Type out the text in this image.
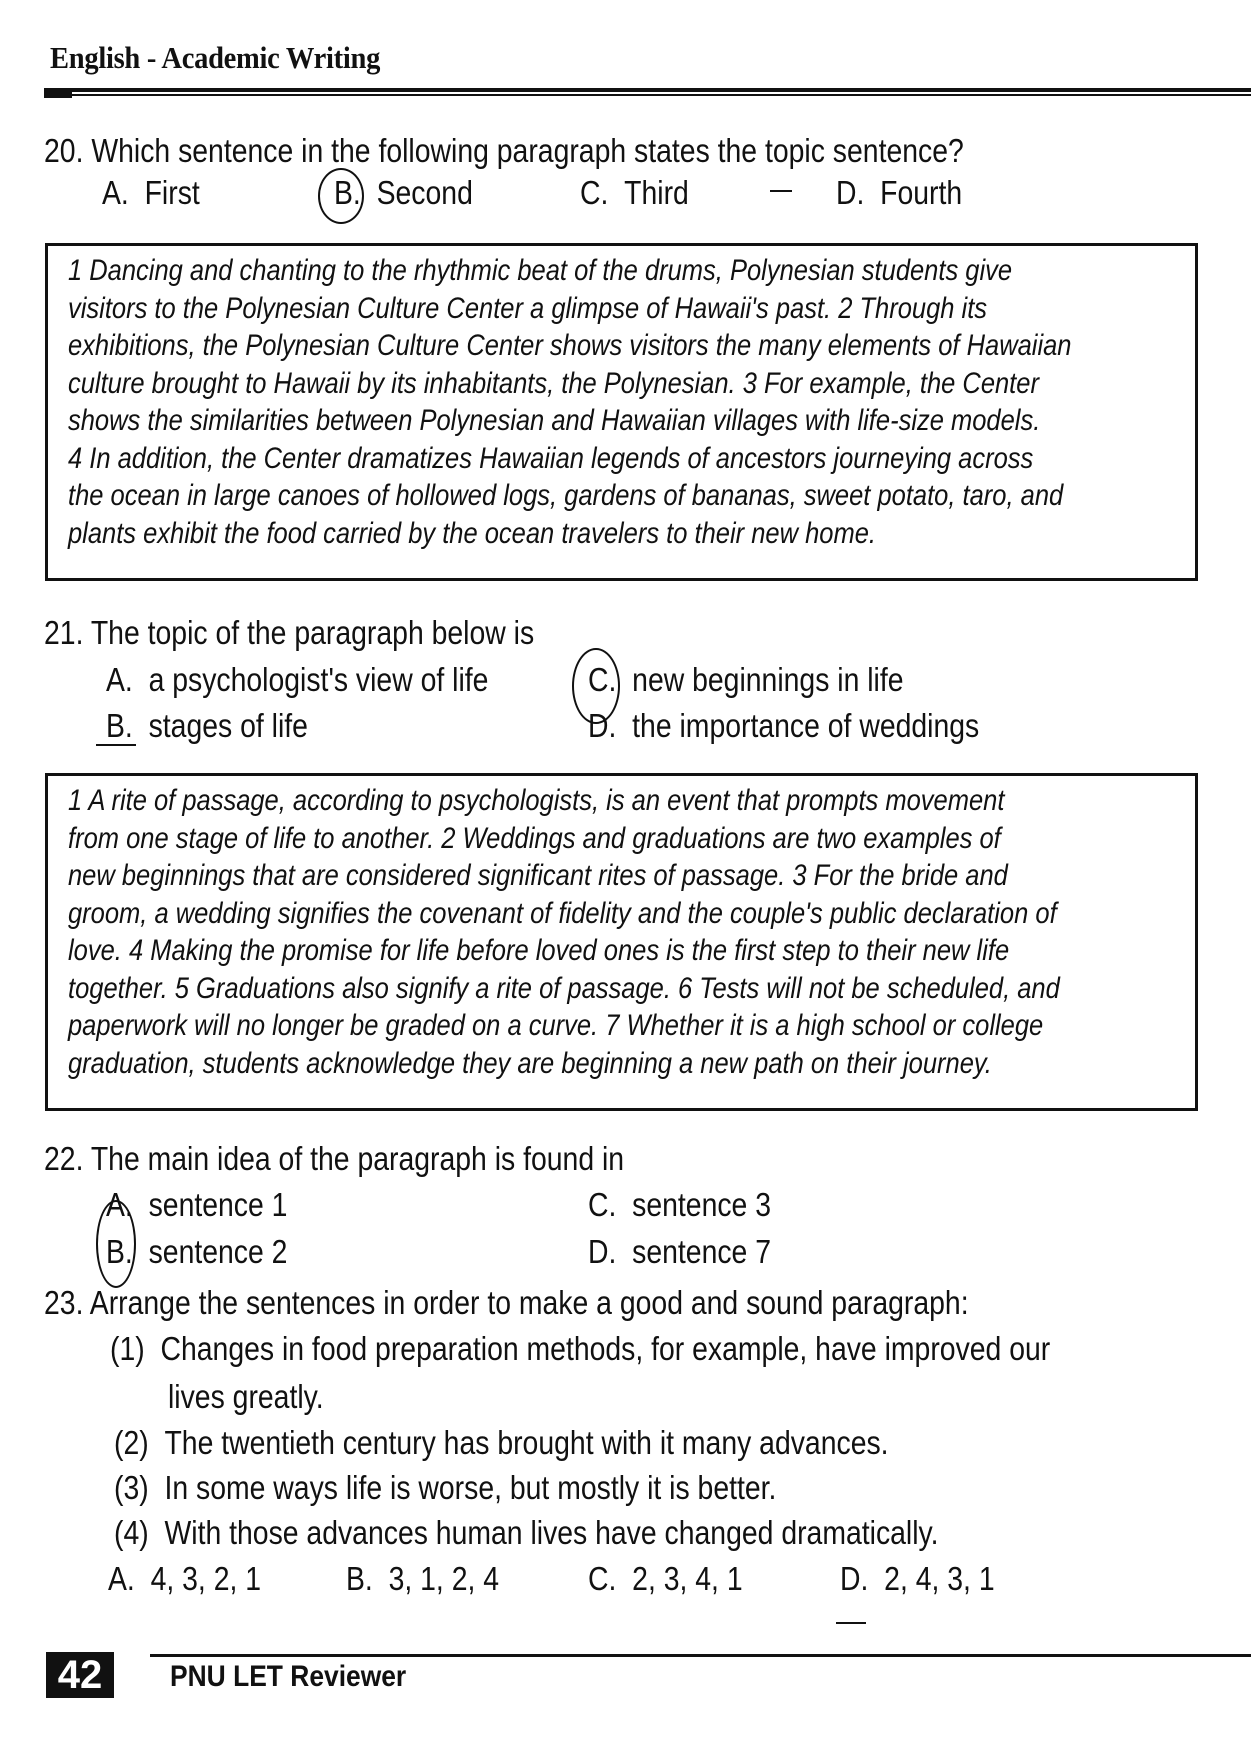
English - Academic Writing
20. Which sentence in the following paragraph states the topic sentence?
A. First	B. Second	C. Third	D. Fourth
1 Dancing and chanting to the rhythmic beat of the drums, Polynesian students give
visitors to the Polynesian Culture Center a glimpse of Hawaii's past. 2 Through its
exhibitions, the Polynesian Culture Center shows visitors the many elements of Hawaiian
culture brought to Hawaii by its inhabitants, the Polynesian. 3 For example, the Center
shows the similarities between Polynesian and Hawaiian villages with life-size models.
4 In addition, the Center dramatizes Hawaiian legends of ancestors journeying across
the ocean in large canoes of hollowed logs, gardens of bananas, sweet potato, taro, and
plants exhibit the food carried by the ocean travelers to their new home.
21. The topic of the paragraph below is
A. a psychologist's view of life
B. stages of life
C. new beginnings in life
D. the importance of weddings
1 A rite of passage, according to psychologists, is an event that prompts movement
from one stage of life to another. 2 Weddings and graduations are two examples of
new beginnings that are considered significant rites of passage. 3 For the bride and
groom, a wedding signifies the covenant of fidelity and the couple's public declaration of
love. 4 Making the promise for life before loved ones is the first step to their new life
together. 5 Graduations also signify a rite of passage. 6 Tests will not be scheduled, and
paperwork will no longer be graded on a curve. 7 Whether it is a high school or college
graduation, students acknowledge they are beginning a new path on their journey.
22. The main idea of the paragraph is found in
A. sentence 1
B. sentence 2
C. sentence 3
D. sentence 7
23. Arrange the sentences in order to make a good and sound paragraph:
(1) Changes in food preparation methods, for example, have improved our
lives greatly.
(2) The twentieth century has brought with it many advances.
(3) In some ways life is worse, but mostly it is better.
(4) With those advances human lives have changed dramatically.
A. 4, 3, 2, 1	B. 3, 1, 2, 4	C. 2, 3, 4, 1	D. 2, 4, 3, 1
42	PNU LET Reviewer
